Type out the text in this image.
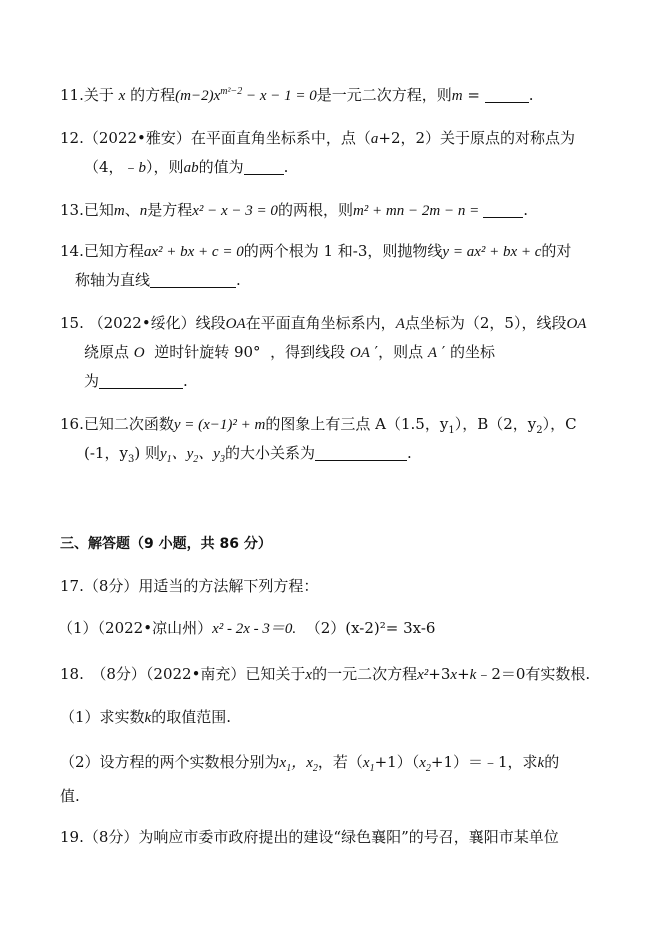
11.关于 x 的方程$(m-2)x^{m^2-2} - x - 1 = 0$是一元二次方程，则m =	.
12.（2022•雅安）在平面直角坐标系中，点（a+2，2）关于原点的对称点为
（4，﹣b），则ab的值为	.
13.已知m、n是方程x² − x − 3 = 0的两根，则m² + mn − 2m − n =	.
14.已知方程ax² + bx + c = 0的两个根为 1 和-3，则抛物线y = ax² + bx + c的对
称轴为直线	.
15. （2022•绥化）线段OA在平面直角坐标系内，A点坐标为（2，5），线段OA
绕原点 O 逆时针旋转 90° ，得到线段 OA ′，则点 A ′ 的坐标
为	.
16.已知二次函数y = (x−1)² + m的图象上有三点 A（1.5，$y_1$），B（2，$y_2$），C
(-1，$y_3$) 则$y_1$、$y_2$、$y_3$的大小关系为	.
三、解答题（9 小题，共 86 分）
17.（8分）用适当的方法解下列方程：
（1）（2022•凉山州）x² - 2x - 3＝0. （2）(x-2)²= 3x-6
18.　（8分）（2022•南充）已知关于x的一元二次方程x²+3x+k﹣2＝0有实数根.
（1）求实数k的取值范围.
（2）设方程的两个实数根分别为$x_1$，$x_2$，若$(x_1+1)(x_2+1)=﹣1$，求k的
值.
19.（8分）为响应市委市政府提出的建设“绿色襄阳”的号召，襄阳市某单位
